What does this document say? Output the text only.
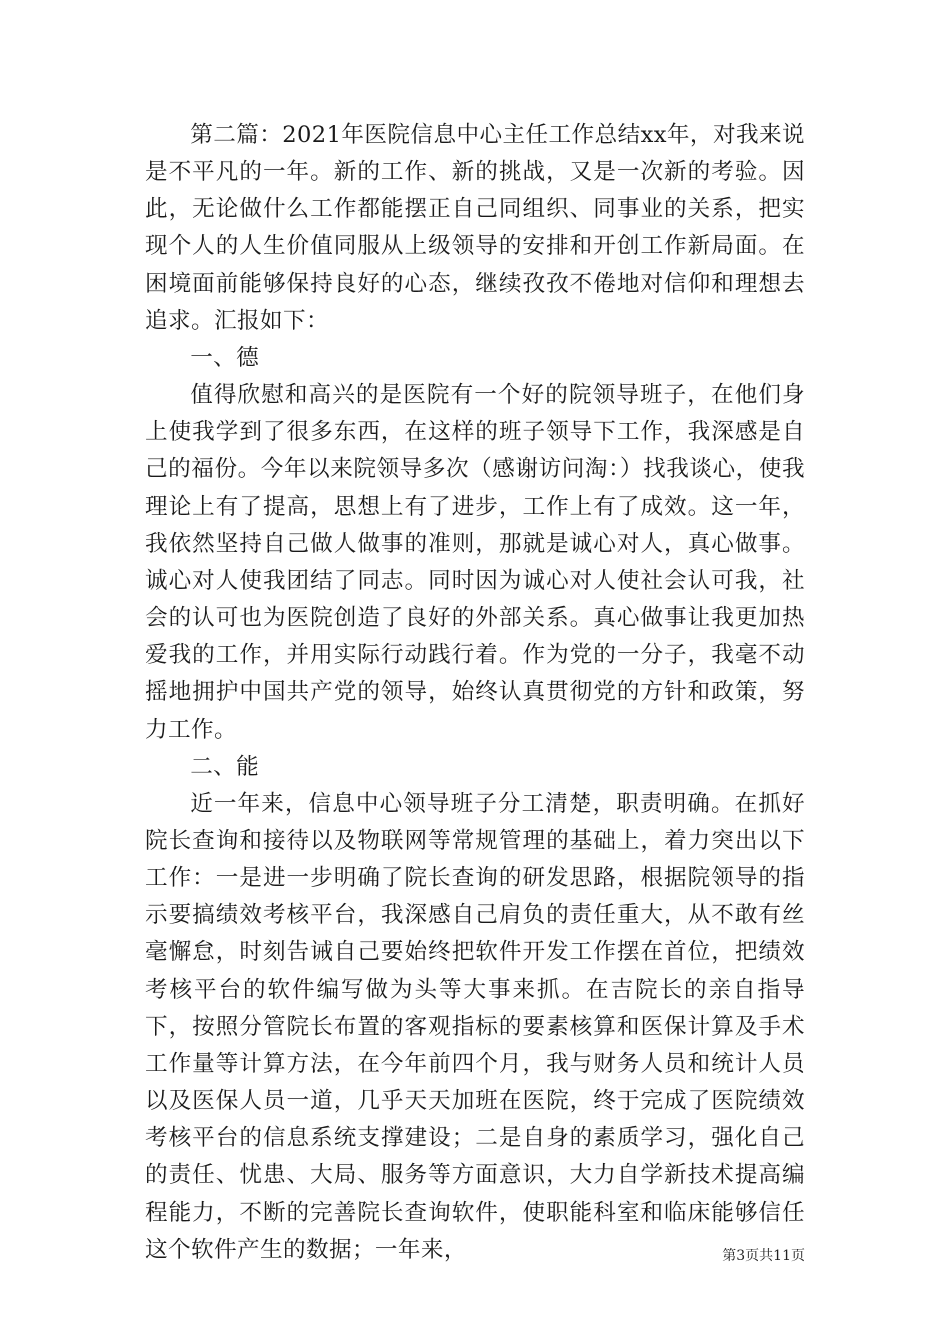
第二篇：2021年医院信息中心主任工作总结xx年，对我来说是不平凡的一年。新的工作、新的挑战，又是一次新的考验。因此，无论做什么工作都能摆正自己同组织、同事业的关系，把实现个人的人生价值同服从上级领导的安排和开创工作新局面。在困境面前能够保持良好的心态，继续孜孜不倦地对信仰和理想去追求。汇报如下：

一、德

值得欣慰和高兴的是医院有一个好的院领导班子，在他们身上使我学到了很多东西，在这样的班子领导下工作，我深感是自己的福份。今年以来院领导多次（感谢访问淘：）找我谈心，使我理论上有了提高，思想上有了进步，工作上有了成效。这一年，我依然坚持自己做人做事的准则，那就是诚心对人，真心做事。诚心对人使我团结了同志。同时因为诚心对人使社会认可我，社会的认可也为医院创造了良好的外部关系。真心做事让我更加热爱我的工作，并用实际行动践行着。作为党的一分子，我毫不动摇地拥护中国共产党的领导，始终认真贯彻党的方针和政策，努力工作。

二、能

近一年来，信息中心领导班子分工清楚，职责明确。在抓好院长查询和接待以及物联网等常规管理的基础上，着力突出以下工作：一是进一步明确了院长查询的研发思路，根据院领导的指示要搞绩效考核平台，我深感自己肩负的责任重大，从不敢有丝毫懈怠，时刻告诫自己要始终把软件开发工作摆在首位，把绩效考核平台的软件编写做为头等大事来抓。在吉院长的亲自指导下，按照分管院长布置的客观指标的要素核算和医保计算及手术工作量等计算方法，在今年前四个月，我与财务人员和统计人员以及医保人员一道，几乎天天加班在医院，终于完成了医院绩效考核平台的信息系统支撑建设；二是自身的素质学习，强化自己的责任、忧患、大局、服务等方面意识，大力自学新技术提高编程能力，不断的完善院长查询软件，使职能科室和临床能够信任这个软件产生的数据；一年来，	第3页共11页
